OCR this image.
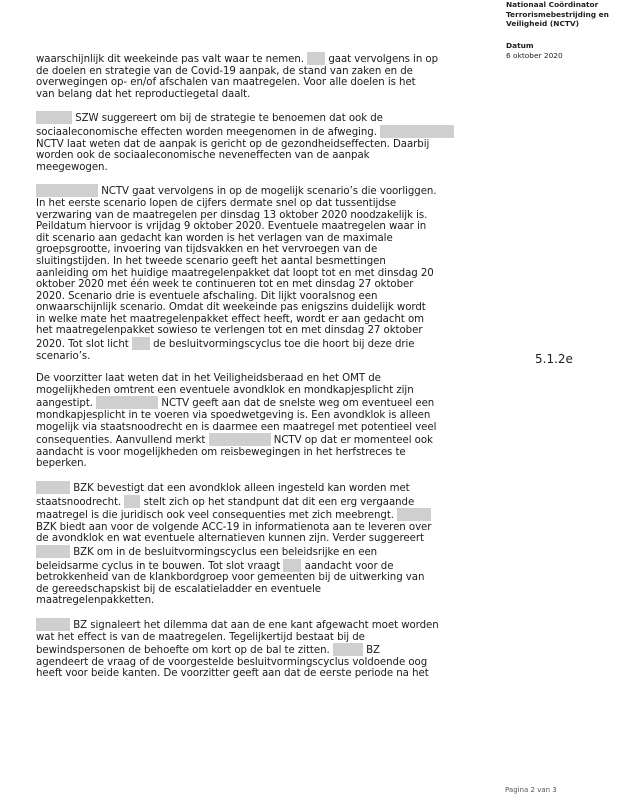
Nationaal Coördinator
Terrorismebestrijding en
Veiligheid (NCTV)
Datum
6 oktober 2020
5.1.2e

waarschijnlijk dit weekeinde pas valt waar te nemen. gaat vervolgens in op
de doelen en strategie van de Covid-19 aanpak, de stand van zaken en de
overwegingen op- en/of afschalen van maatregelen. Voor alle doelen is het
van belang dat het reproductiegetal daalt.

SZW suggereert om bij de strategie te benoemen dat ook de
sociaaleconomische effecten worden meegenomen in de afweging.
NCTV laat weten dat de aanpak is gericht op de gezondheidseffecten. Daarbij
worden ook de sociaaleconomische neveneffecten van de aanpak
meegewogen.

NCTV gaat vervolgens in op de mogelijk scenario’s die voorliggen.
In het eerste scenario lopen de cijfers dermate snel op dat tussentijdse
verzwaring van de maatregelen per dinsdag 13 oktober 2020 noodzakelijk is.
Peildatum hiervoor is vrijdag 9 oktober 2020. Eventuele maatregelen waar in
dit scenario aan gedacht kan worden is het verlagen van de maximale
groepsgrootte, invoering van tijdsvakken en het vervroegen van de
sluitingstijden. In het tweede scenario geeft het aantal besmettingen
aanleiding om het huidige maatregelenpakket dat loopt tot en met dinsdag 20
oktober 2020 met één week te continueren tot en met dinsdag 27 oktober
2020. Scenario drie is eventuele afschaling. Dit lijkt vooralsnog een
onwaarschijnlijk scenario. Omdat dit weekeinde pas enigszins duidelijk wordt
in welke mate het maatregelenpakket effect heeft, wordt er aan gedacht om
het maatregelenpakket sowieso te verlengen tot en met dinsdag 27 oktober
2020. Tot slot licht de besluitvormingscyclus toe die hoort bij deze drie
scenario’s.

De voorzitter laat weten dat in het Veiligheidsberaad en het OMT de
mogelijkheden omtrent een eventuele avondklok en mondkapjesplicht zijn
aangestipt.	NCTV geeft aan dat de snelste weg om eventueel een
mondkapjesplicht in te voeren via spoedwetgeving is. Een avondklok is alleen
mogelijk via staatsnoodrecht en is daarmee een maatregel met potentieel veel
consequenties. Aanvullend merkt	NCTV op dat er momenteel ook
aandacht is voor mogelijkheden om reisbewegingen in het herfstreces te
beperken.

BZK bevestigt dat een avondklok alleen ingesteld kan worden met
staatsnoodrecht. stelt zich op het standpunt dat dit een erg vergaande
maatregel is die juridisch ook veel consequenties met zich meebrengt.
BZK biedt aan voor de volgende ACC-19 in informatienota aan te leveren over
de avondklok en wat eventuele alternatieven kunnen zijn. Verder suggereert
BZK om in de besluitvormingscyclus een beleidsrijke en een
beleidsarme cyclus in te bouwen. Tot slot vraagt aandacht voor de
betrokkenheid van de klankbordgroep voor gemeenten bij de uitwerking van
de gereedschapskist bij de escalatieladder en eventuele
maatregelenpakketten.

BZ signaleert het dilemma dat aan de ene kant afgewacht moet worden
wat het effect is van de maatregelen. Tegelijkertijd bestaat bij de
bewindspersonen de behoefte om kort op de bal te zitten.	BZ
agendeert de vraag of de voorgestelde besluitvormingscyclus voldoende oog
heeft voor beide kanten. De voorzitter geeft aan dat de eerste periode na het

Pagina 2 van 3
